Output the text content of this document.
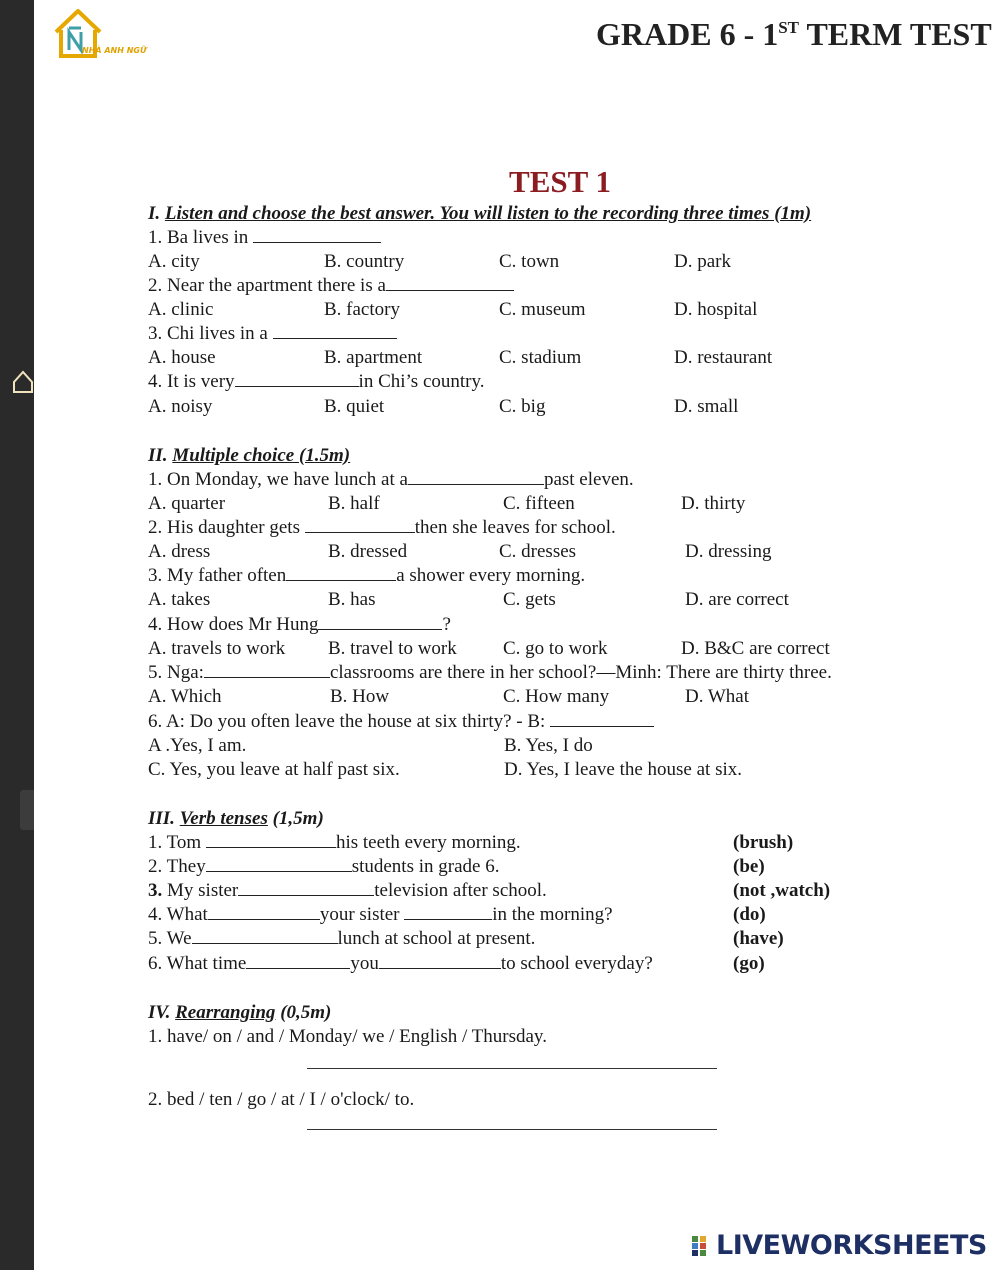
NHÀ ANH NGỮ	GRADE 6 - 1ST TERM TEST
TEST 1
I. Listen and choose the best answer. You will listen to the recording three times (1m)
1. Ba lives in
A. city	B. country	C. town	D. park
2. Near the apartment there is a
A. clinic	B. factory	C. museum	D. hospital
3. Chi lives in a
A. house	B. apartment	C. stadium	D. restaurant
4. It is very	in Chi’s country.
A. noisy	B. quiet	C. big	D. small
II. Multiple choice (1.5m)
1. On Monday, we have lunch at a	past eleven.
A. quarter	B. half	C. fifteen	D. thirty
2. His daughter gets	then she leaves for school.
A. dress	B. dressed	C. dresses	D. dressing
3. My father often	a shower every morning.
A. takes	B. has	C. gets	D. are correct
4. How does Mr Hung	?
A. travels to work B. travel to work C. go to work	D. B&C are correct
5. Nga:	classrooms are there in her school?—Minh: There are thirty three.
A. Which	B. How	C. How many	D. What
6. A: Do you often leave the house at six thirty? - B:
A .Yes, I am.	B. Yes, I do
C. Yes, you leave at half past six.	D. Yes, I leave the house at six.
III. Verb tenses (1,5m)
1. Tom	his teeth every morning.	(brush)
2. They	students in grade 6.	(be)
3. My sister	television after school.	(not ,watch)
4. What	your sister	in the morning?	(do)
5. We	lunch at school at present.	(have)
6. What time	you	to school everyday?	(go)
IV. Rearranging (0,5m)
1. have/ on / and / Monday/ we / English / Thursday.
2. bed / ten / go / at / I / o'clock/ to.
LIVEWORKSHEETS
